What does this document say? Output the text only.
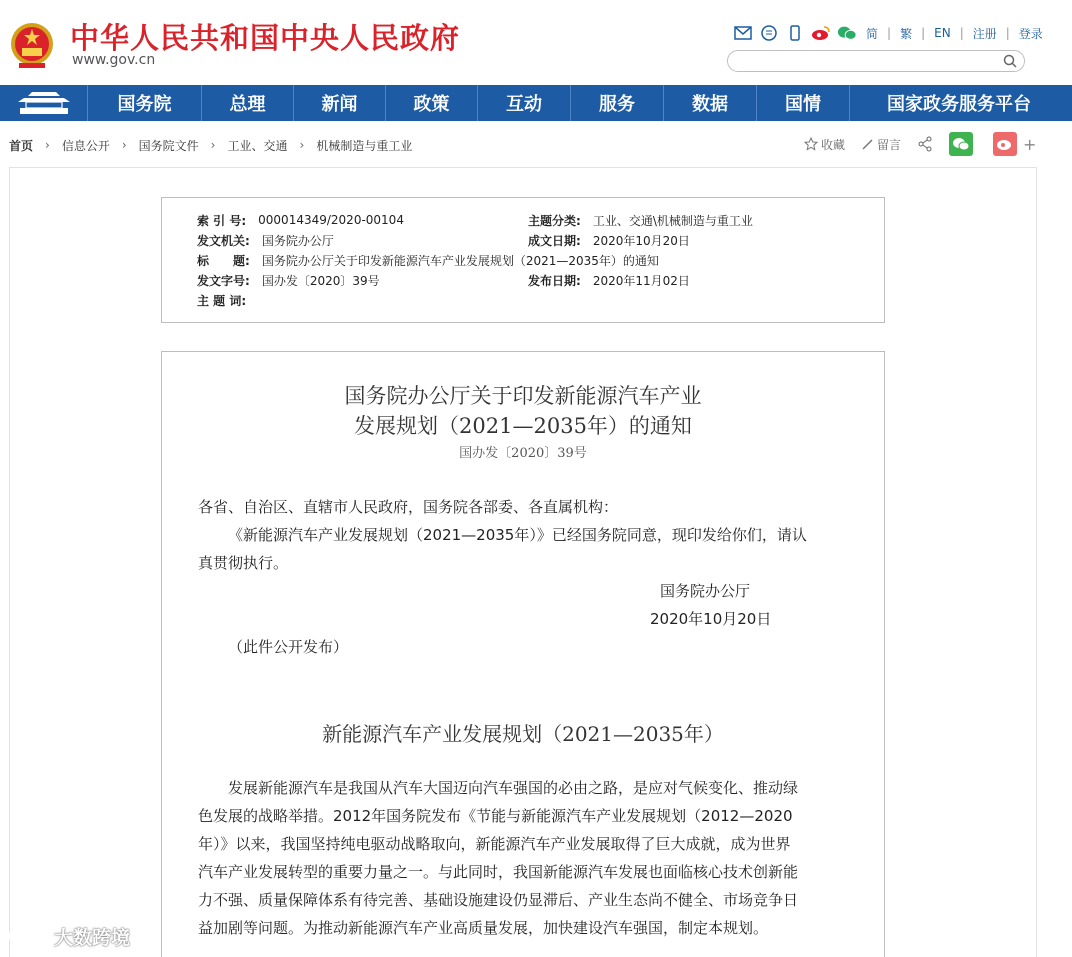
中华人民共和国中央人民政府
www.gov.cn
简 | 繁 | EN | 注册 | 登录
国务院	总理	新闻	政策	互动	服务	数据	国情	国家政务服务平台
首页	›	信息公开	›	国务院文件	›	工业、交通	›	机械制造与重工业	收藏	留言	+
索 引 号: 000014349/2020-00104	主题分类: 工业、交通\机械制造与重工业
发文机关: 国务院办公厅	成文日期: 2020年10月20日
标　　题: 国务院办公厅关于印发新能源汽车产业发展规划（2021—2035年）的通知
发文字号: 国办发〔2020〕39号	发布日期: 2020年11月02日
主 题 词:
国务院办公厅关于印发新能源汽车产业
发展规划（2021—2035年）的通知
国办发〔2020〕39号
各省、自治区、直辖市人民政府，国务院各部委、各直属机构：
《新能源汽车产业发展规划（2021—2035年）》已经国务院同意，现印发给你们，请认
真贯彻执行。
国务院办公厅
2020年10月20日
（此件公开发布）
新能源汽车产业发展规划（2021—2035年）
发展新能源汽车是我国从汽车大国迈向汽车强国的必由之路，是应对气候变化、推动绿
色发展的战略举措。2012年国务院发布《节能与新能源汽车产业发展规划（2012—2020
年）》以来，我国坚持纯电驱动战略取向，新能源汽车产业发展取得了巨大成就，成为世界
汽车产业发展转型的重要力量之一。与此同时，我国新能源汽车发展也面临核心技术创新能
力不强、质量保障体系有待完善、基础设施建设仍显滞后、产业生态尚不健全、市场竞争日
益加剧等问题。为推动新能源汽车产业高质量发展，加快建设汽车强国，制定本规划。
大数跨境
